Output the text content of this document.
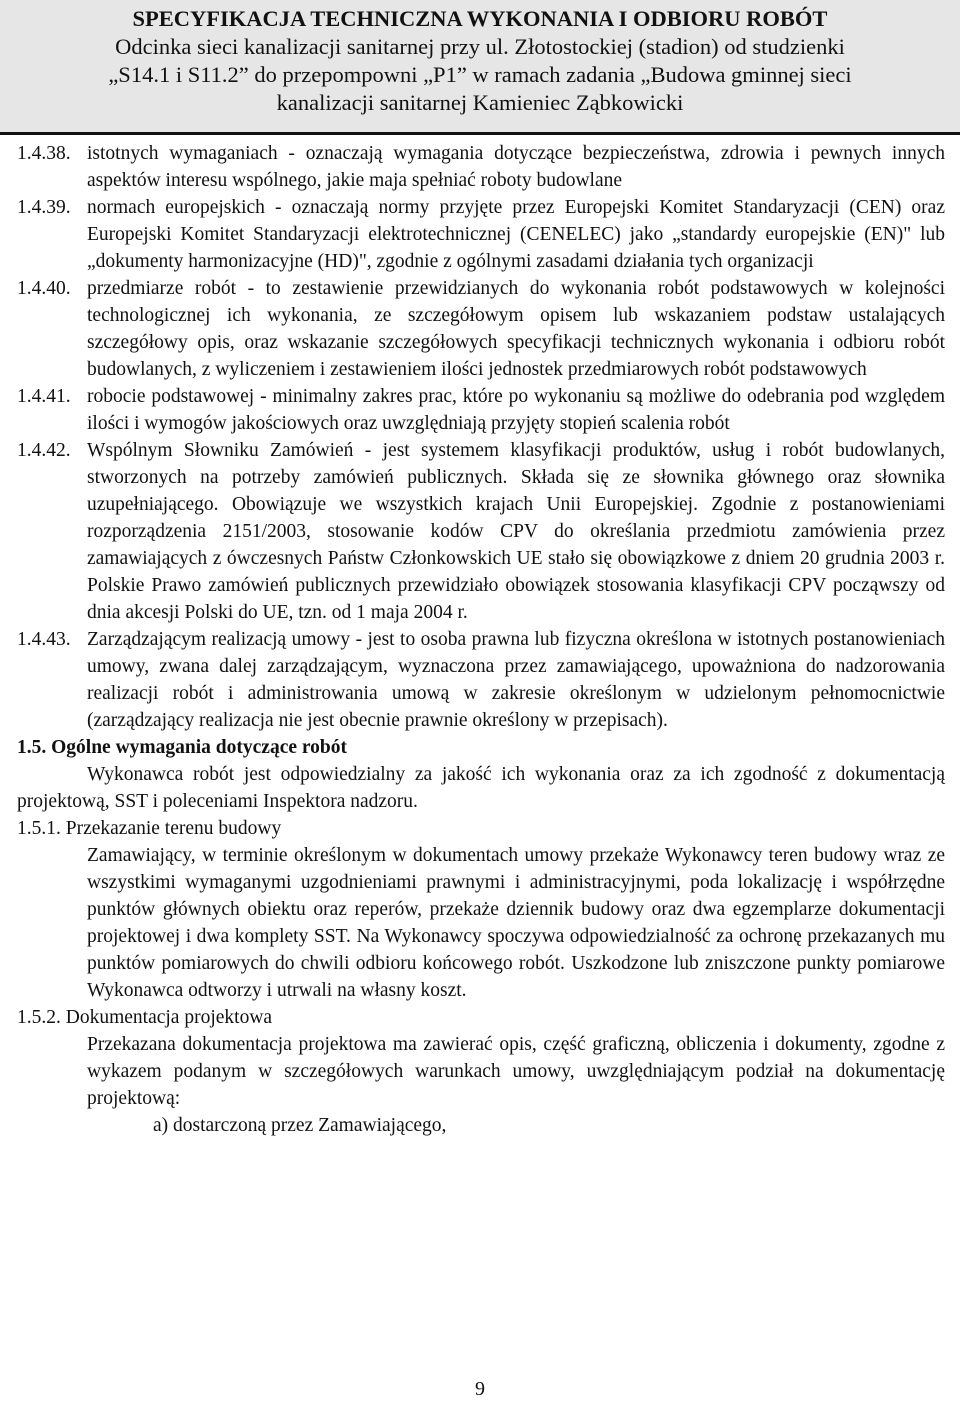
SPECYFIKACJA TECHNICZNA WYKONANIA I ODBIORU ROBÓT
Odcinka sieci kanalizacji sanitarnej przy ul. Złotostockiej (stadion) od studzienki
„S14.1 i S11.2” do przepompowni „P1” w ramach zadania „Budowa gminnej sieci
kanalizacji sanitarnej Kamieniec Ząbkowicki
1.4.38. istotnych wymaganiach - oznaczają wymagania dotyczące bezpieczeństwa, zdrowia i pewnych innych aspektów interesu wspólnego, jakie maja spełniać roboty budowlane
1.4.39. normach europejskich - oznaczają normy przyjęte przez Europejski Komitet Standaryzacji (CEN) oraz Europejski Komitet Standaryzacji elektrotechnicznej (CENELEC) jako „standardy europejskie (EN)" lub „dokumenty harmonizacyjne (HD)", zgodnie z ogólnymi zasadami działania tych organizacji
1.4.40. przedmiarze robót - to zestawienie przewidzianych do wykonania robót podstawowych w kolejności technologicznej ich wykonania, ze szczegółowym opisem lub wskazaniem podstaw ustalających szczegółowy opis, oraz wskazanie szczegółowych specyfikacji technicznych wykonania i odbioru robót budowlanych, z wyliczeniem i zestawieniem ilości jednostek przedmiarowych robót podstawowych
1.4.41. robocie podstawowej - minimalny zakres prac, które po wykonaniu są możliwe do odebrania pod względem ilości i wymogów jakościowych oraz uwzględniają przyjęty stopień scalenia robót
1.4.42. Wspólnym Słowniku Zamówień - jest systemem klasyfikacji produktów, usług i robót budowlanych, stworzonych na potrzeby zamówień publicznych. Składa się ze słownika głównego oraz słownika uzupełniającego. Obowiązuje we wszystkich krajach Unii Europejskiej. Zgodnie z postanowieniami rozporządzenia 2151/2003, stosowanie kodów CPV do określania przedmiotu zamówienia przez zamawiających z ówczesnych Państw Członkowskich UE stało się obowiązkowe z dniem 20 grudnia 2003 r. Polskie Prawo zamówień publicznych przewidziało obowiązek stosowania klasyfikacji CPV począwszy od dnia akcesji Polski do UE, tzn. od 1 maja 2004 r.
1.4.43. Zarządzającym realizacją umowy - jest to osoba prawna lub fizyczna określona w istotnych postanowieniach umowy, zwana dalej zarządzającym, wyznaczona przez zamawiającego, upoważniona do nadzorowania realizacji robót i administrowania umową w zakresie określonym w udzielonym pełnomocnictwie (zarządzający realizacja nie jest obecnie prawnie określony w przepisach).
1.5. Ogólne wymagania dotyczące robót
Wykonawca robót jest odpowiedzialny za jakość ich wykonania oraz za ich zgodność z dokumentacją projektową, SST i poleceniami Inspektora nadzoru.
1.5.1. Przekazanie terenu budowy
Zamawiający, w terminie określonym w dokumentach umowy przekaże Wykonawcy teren budowy wraz ze wszystkimi wymaganymi uzgodnieniami prawnymi i administracyjnymi, poda lokalizację i współrzędne punktów głównych obiektu oraz reperów, przekaże dziennik budowy oraz dwa egzemplarze dokumentacji projektowej i dwa komplety SST. Na Wykonawcy spoczywa odpowiedzialność za ochronę przekazanych mu punktów pomiarowych do chwili odbioru końcowego robót. Uszkodzone lub zniszczone punkty pomiarowe Wykonawca odtworzy i utrwali na własny koszt.
1.5.2. Dokumentacja projektowa
Przekazana dokumentacja projektowa ma zawierać opis, część graficzną, obliczenia i dokumenty, zgodne z wykazem podanym w szczegółowych warunkach umowy, uwzględniającym podział na dokumentację projektową:
a) dostarczoną przez Zamawiającego,
9
